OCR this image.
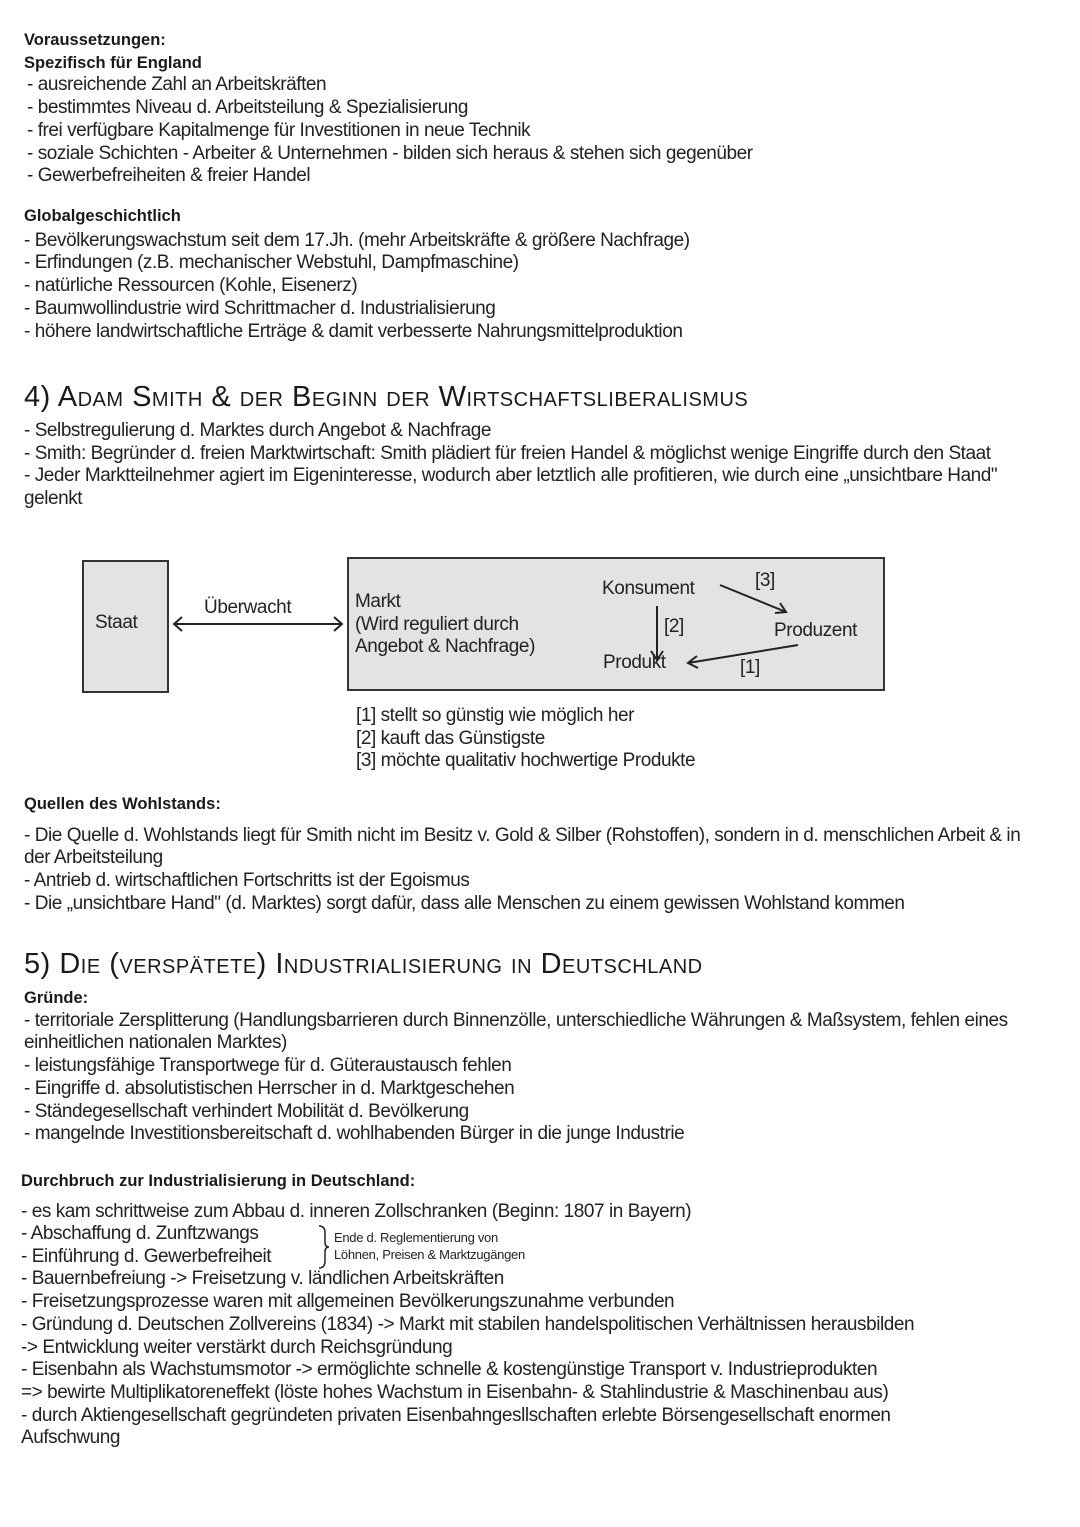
Voraussetzungen:
Spezifisch für England
- ausreichende Zahl an Arbeitskräften
- bestimmtes Niveau d. Arbeitsteilung & Spezialisierung
- frei verfügbare Kapitalmenge für Investitionen in neue Technik
- soziale Schichten - Arbeiter & Unternehmen - bilden sich heraus & stehen sich gegenüber
- Gewerbefreiheiten & freier Handel
Globalgeschichtlich
- Bevölkerungswachstum seit dem 17.Jh. (mehr Arbeitskräfte & größere Nachfrage)
- Erfindungen (z.B. mechanischer Webstuhl, Dampfmaschine)
- natürliche Ressourcen (Kohle, Eisenerz)
- Baumwollindustrie wird Schrittmacher d. Industrialisierung
- höhere landwirtschaftliche Erträge & damit verbesserte Nahrungsmittelproduktion
4) Adam Smith & der Beginn der Wirtschaftsliberalismus
- Selbstregulierung d. Marktes durch Angebot & Nachfrage
- Smith: Begründer d. freien Marktwirtschaft: Smith plädiert für freien Handel & möglichst wenige Eingriffe durch den Staat
- Jeder Marktteilnehmer agiert im Eigeninteresse, wodurch aber letztlich alle profitieren, wie durch eine „unsichtbare Hand" gelenkt
Staat
Überwacht	Markt
(Wird reguliert durch
Angebot & Nachfrage)
Konsument
Produzent
Produkt
[3]
[2]
[1]
[1] stellt so günstig wie möglich her
[2] kauft das Günstigste
[3] möchte qualitativ hochwertige Produkte
Quellen des Wohlstands:
- Die Quelle d. Wohlstands liegt für Smith nicht im Besitz v. Gold & Silber (Rohstoffen), sondern in d. menschlichen Arbeit & in der Arbeitsteilung
- Antrieb d. wirtschaftlichen Fortschritts ist der Egoismus
- Die „unsichtbare Hand" (d. Marktes) sorgt dafür, dass alle Menschen zu einem gewissen Wohlstand kommen
5) Die (verspätete) Industrialisierung in Deutschland
Gründe:
- territoriale Zersplitterung (Handlungsbarrieren durch Binnenzölle, unterschiedliche Währungen & Maßsystem, fehlen eines einheitlichen nationalen Marktes)
- leistungsfähige Transportwege für d. Güteraustausch fehlen
- Eingriffe d. absolutistischen Herrscher in d. Marktgeschehen
- Ständegesellschaft verhindert Mobilität d. Bevölkerung
- mangelnde Investitionsbereitschaft d. wohlhabenden Bürger in die junge Industrie
Durchbruch zur Industrialisierung in Deutschland:
- es kam schrittweise zum Abbau d. inneren Zollschranken (Beginn: 1807 in Bayern)
- Abschaffung d. Zunftzwangs
- Einführung d. Gewerbefreiheit
Ende d. Reglementierung von
Löhnen, Preisen & Marktzugängen
- Bauernbefreiung -> Freisetzung v. ländlichen Arbeitskräften
- Freisetzungsprozesse waren mit allgemeinen Bevölkerungszunahme verbunden
- Gründung d. Deutschen Zollvereins (1834) -> Markt mit stabilen handelspolitischen Verhältnissen herausbilden
-> Entwicklung weiter verstärkt durch Reichsgründung
- Eisenbahn als Wachstumsmotor -> ermöglichte schnelle & kostengünstige Transport v. Industrieprodukten
=> bewirte Multiplikatoreneffekt (löste hohes Wachstum in Eisenbahn- & Stahlindustrie & Maschinenbau aus)
- durch Aktiengesellschaft gegründeten privaten Eisenbahngesllschaften erlebte Börsengesellschaft enormen Aufschwung
